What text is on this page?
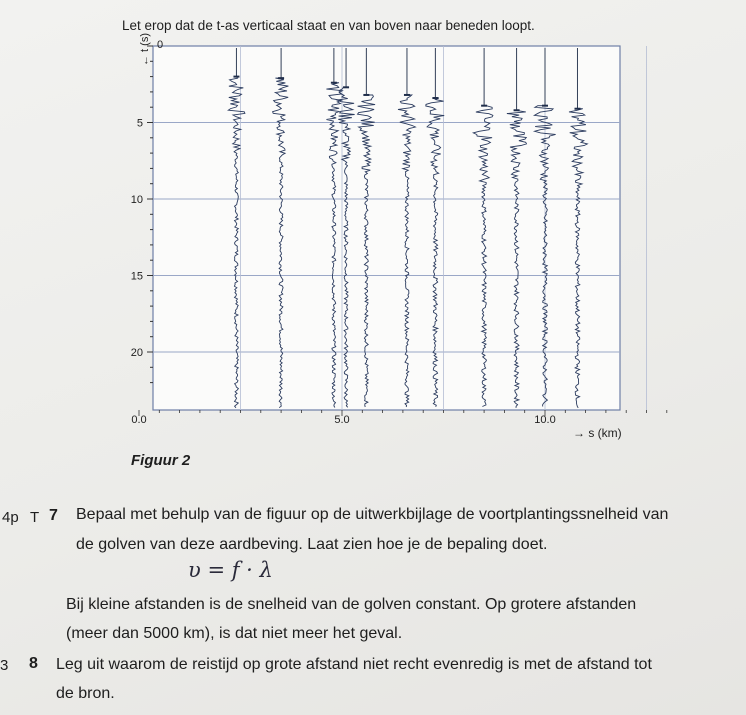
Let erop dat de t-as verticaal staat en van boven naar beneden loopt.
0
5
10
15
20
0.0	5.0	10.0
← t (s)
→ s (km)
Figuur 2
4p T 7 Bepaal met behulp van de figuur op de uitwerkbijlage de voortplantingssnelheid van
de golven van deze aardbeving. Laat zien hoe je de bepaling doet.
υ = f · λ
Bij kleine afstanden is de snelheid van de golven constant. Op grotere afstanden
(meer dan 5000 km), is dat niet meer het geval.
3 8 Leg uit waarom de reistijd op grote afstand niet recht evenredig is met de afstand tot
de bron.
